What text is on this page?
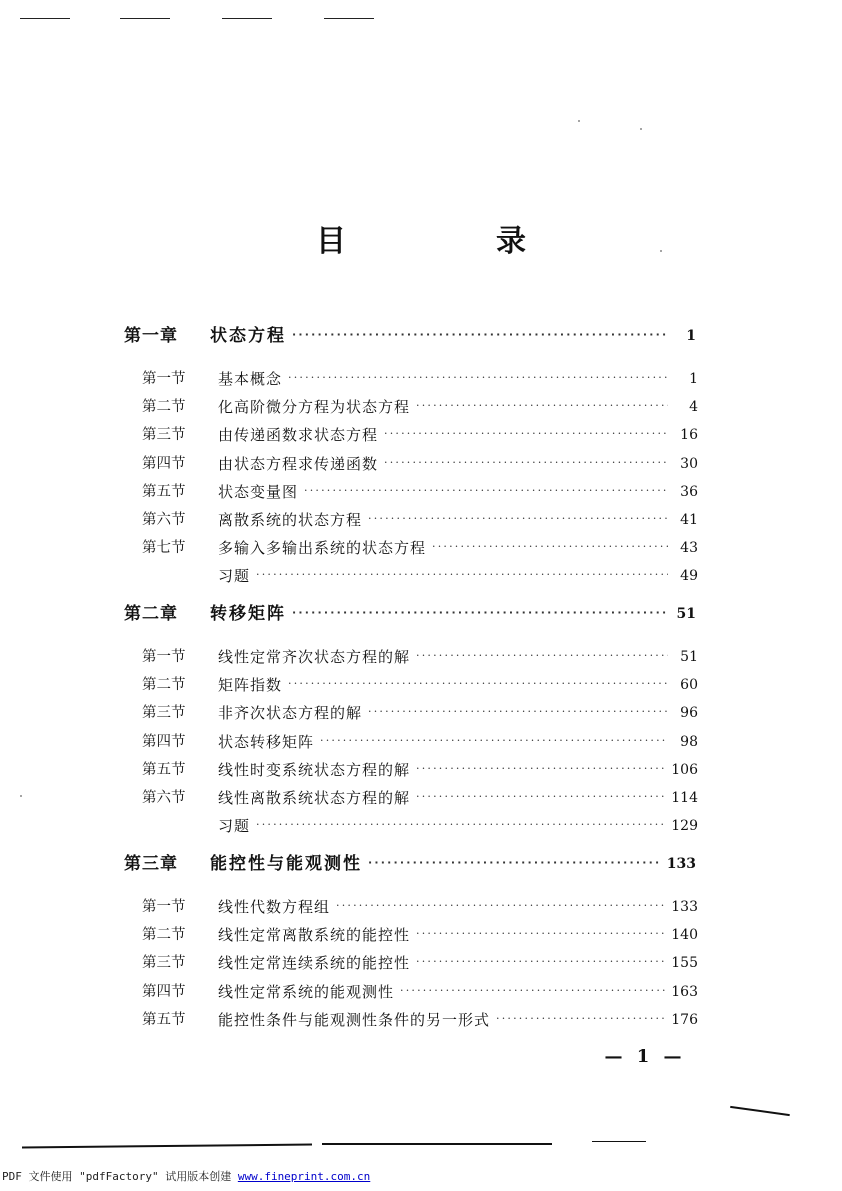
目　录
第一章	状态方程 ·····	1
第一节	基本概念 ·····	1
第二节	化高阶微分方程为状态方程 ·····	4
第三节	由传递函数求状态方程 ·····	16
第四节	由状态方程求传递函数 ·····	30
第五节	状态变量图 ·····	36
第六节	离散系统的状态方程 ·····	41
第七节	多输入多输出系统的状态方程 ·····	43
习题 ·····	49
第二章	转移矩阵 ·····	51
第一节	线性定常齐次状态方程的解 ·····	51
第二节	矩阵指数 ·····	60
第三节	非齐次状态方程的解 ·····	96
第四节	状态转移矩阵 ·····	98
第五节	线性时变系统状态方程的解 ·····	106
第六节	线性离散系统状态方程的解 ·····	114
习题 ·····	129
第三章	能控性与能观测性 ·····	133
第一节	线性代数方程组 ·····	133
第二节	线性定常离散系统的能控性 ·····	140
第三节	线性定常连续系统的能控性 ·····	155
第四节	线性定常系统的能观测性 ·····	163
第五节	能控性条件与能观测性条件的另一形式 ·····	176
— 1 —
PDF 文件使用 "pdfFactory" 试用版本创建 www.fineprint.com.cn
